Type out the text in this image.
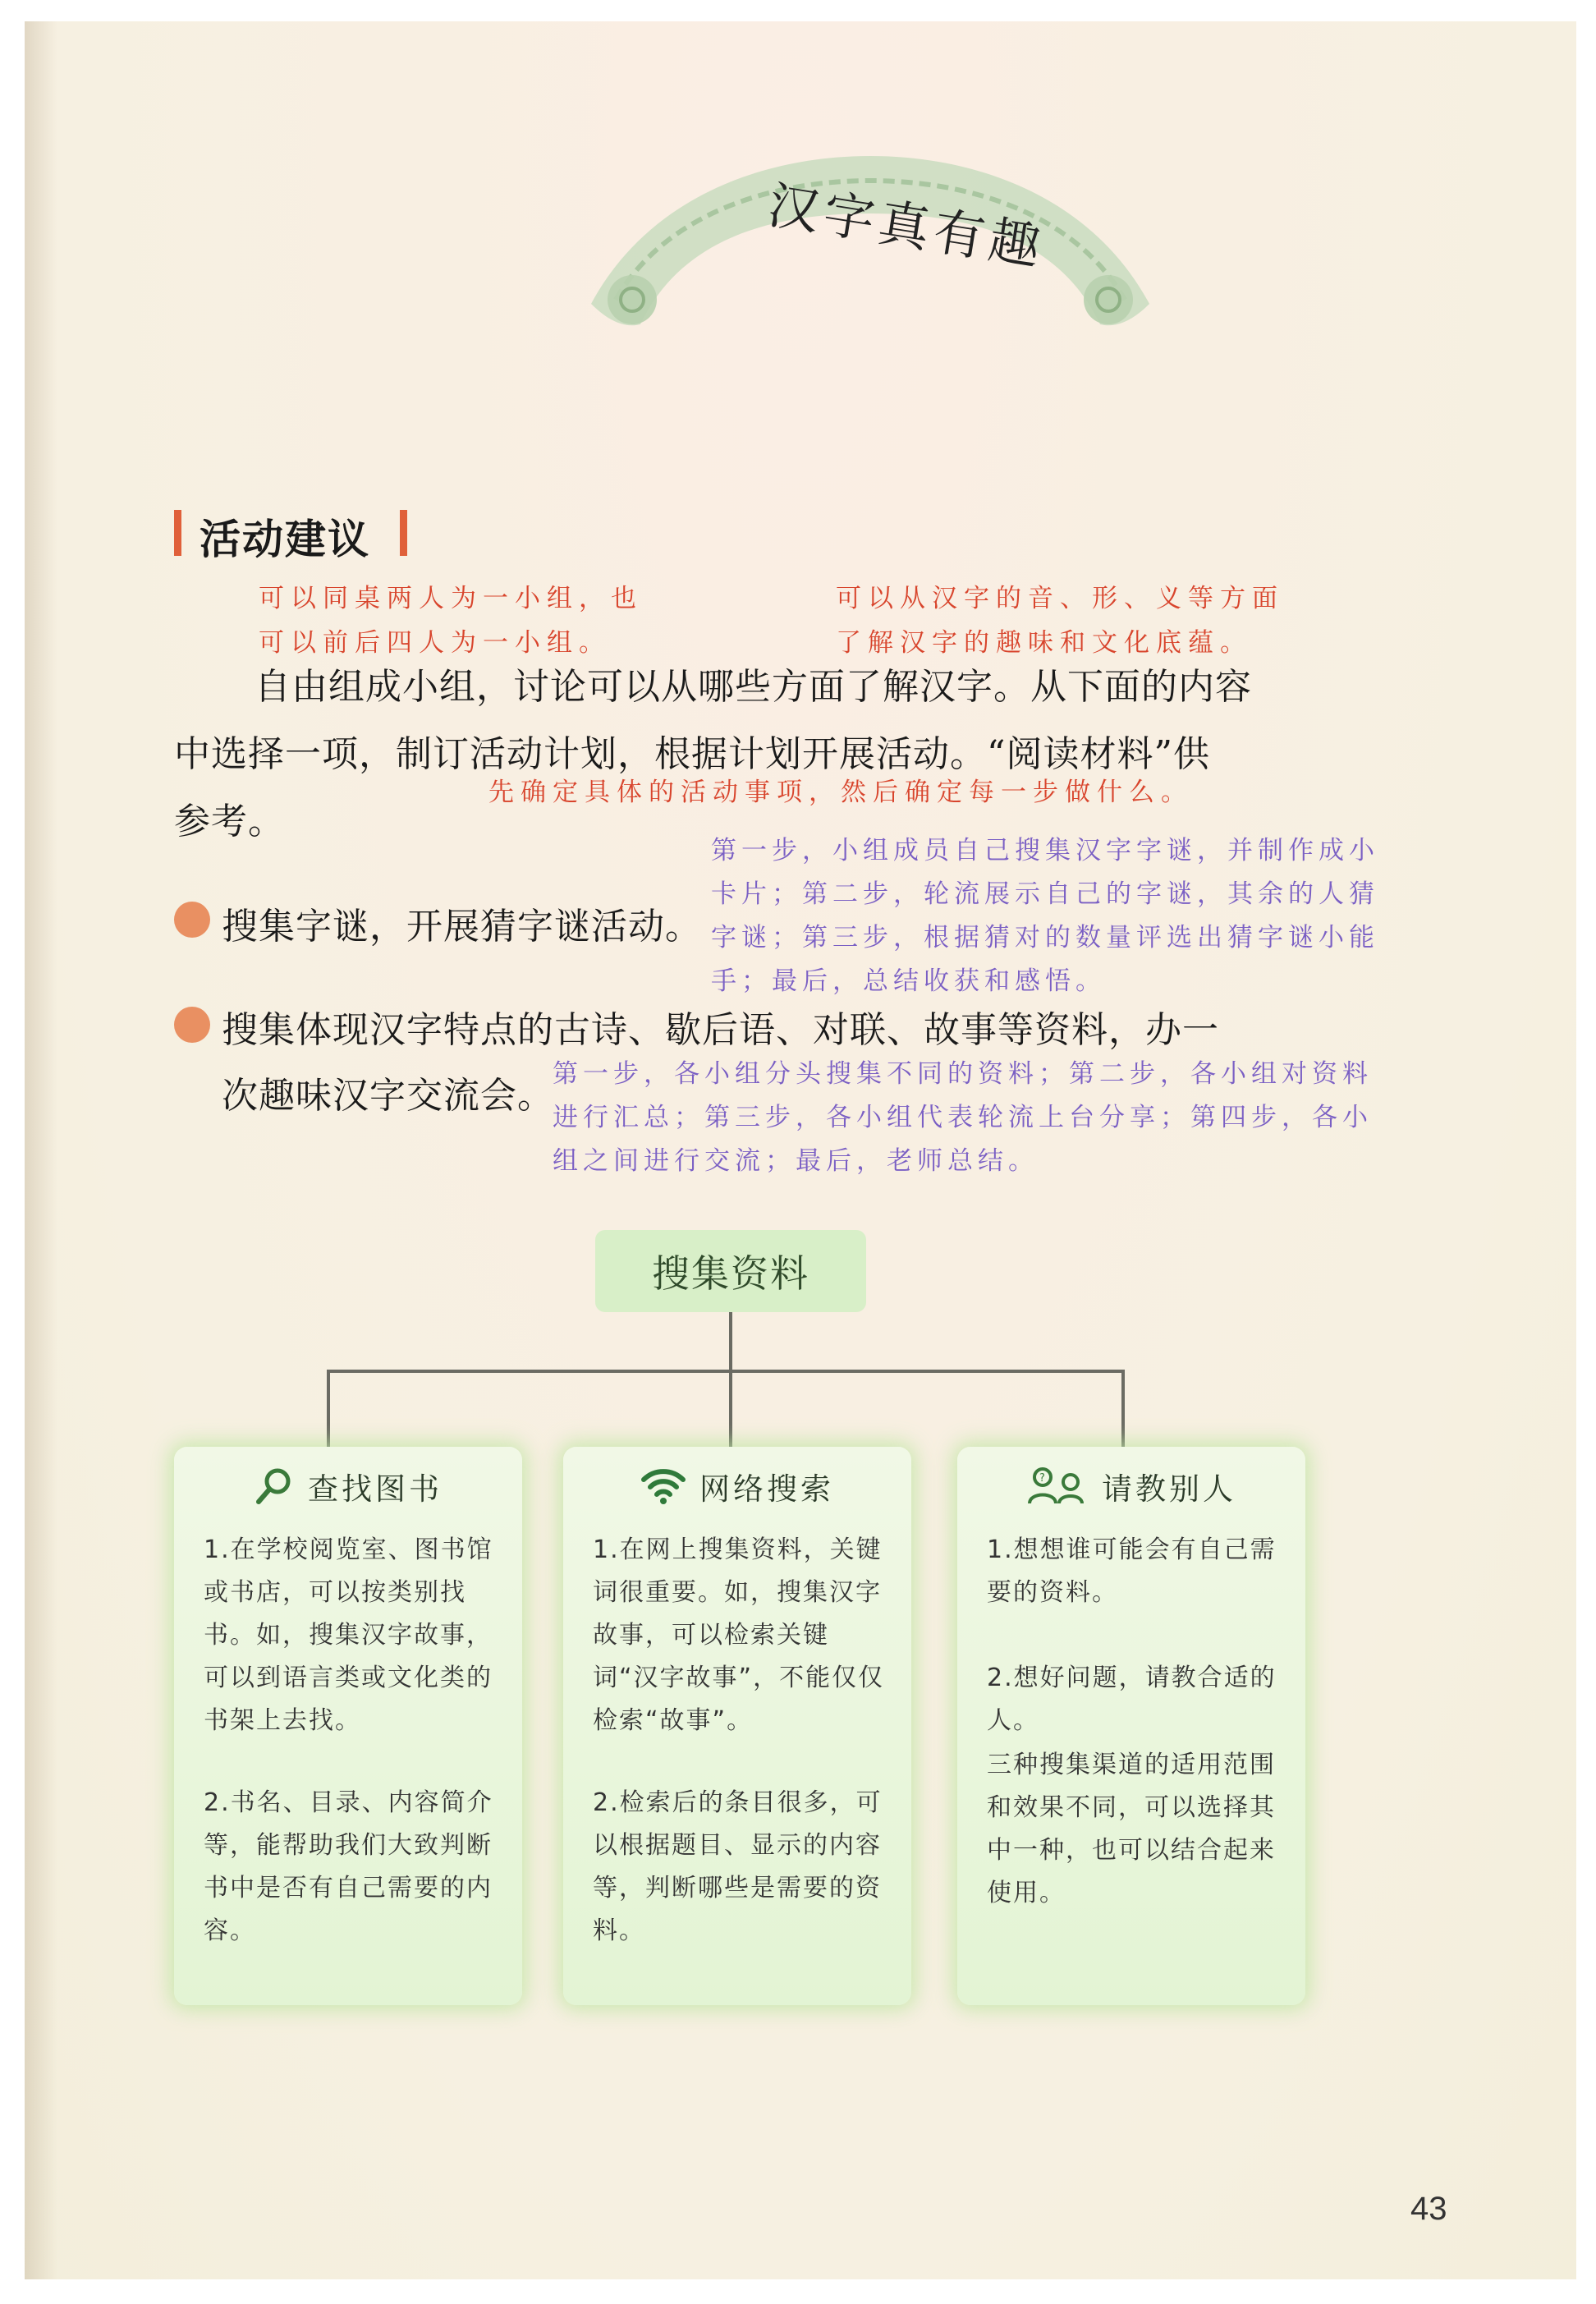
汉字真有趣
活动建议
可以同桌两人为一小组，也
可以前后四人为一小组。
可以从汉字的音、形、义等方面
了解汉字的趣味和文化底蕴。
自由组成小组，讨论可以从哪些方面了解汉字。从下面的内容
中选择一项，制订活动计划，根据计划开展活动。“阅读材料”供
先确定具体的活动事项，然后确定每一步做什么。
参考。
搜集字谜，开展猜字谜活动。
第一步，小组成员自己搜集汉字字谜，并制作成小
卡片；第二步，轮流展示自己的字谜，其余的人猜
字谜；第三步，根据猜对的数量评选出猜字谜小能
手；最后，总结收获和感悟。
搜集体现汉字特点的古诗、歇后语、对联、故事等资料，办一
次趣味汉字交流会。
第一步，各小组分头搜集不同的资料；第二步，各小组对资料
进行汇总；第三步，各小组代表轮流上台分享；第四步，各小
组之间进行交流；最后，老师总结。
搜集资料
查找图书
1.在学校阅览室、图书馆或书店，可以按类别找书。如，搜集汉字故事，可以到语言类或文化类的书架上去找。
2.书名、目录、内容简介等，能帮助我们大致判断书中是否有自己需要的内容。
网络搜索
1.在网上搜集资料，关键词很重要。如，搜集汉字故事，可以检索关键词“汉字故事”，不能仅仅检索“故事”。
2.检索后的条目很多，可以根据题目、显示的内容等，判断哪些是需要的资料。
? 请教别人
1.想想谁可能会有自己需要的资料。
2.想好问题，请教合适的人。
三种搜集渠道的适用范围和效果不同，可以选择其中一种，也可以结合起来使用。
43
